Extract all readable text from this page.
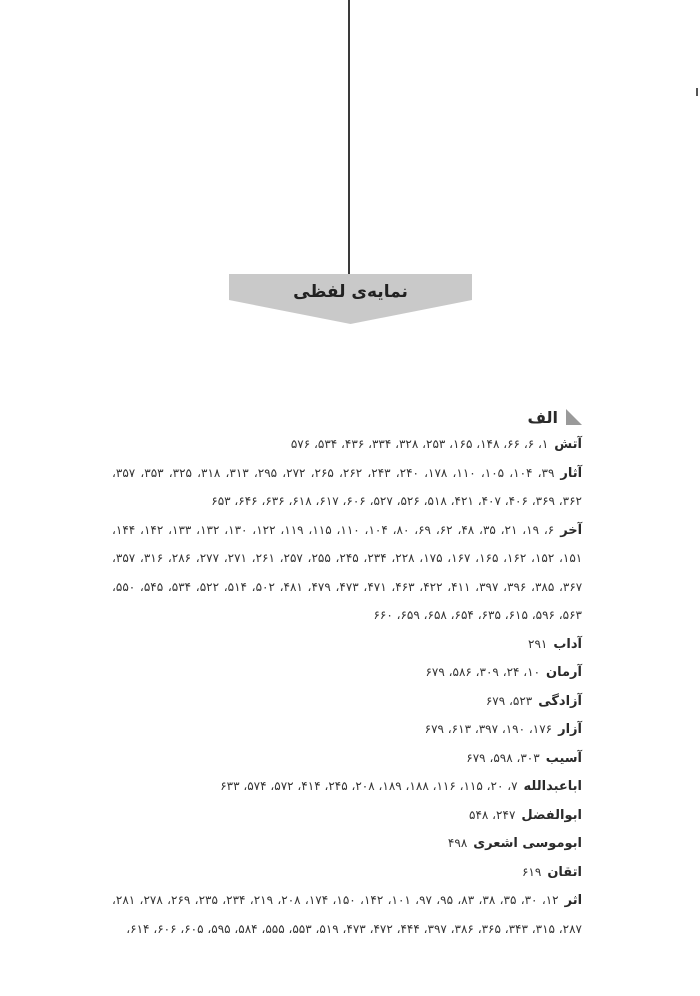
نمایه‌ی لفظی
الف
آتش۱، ۶، ۶۶، ۱۴۸، ۱۶۵، ۲۵۳، ۳۲۸، ۳۳۴، ۴۳۶، ۵۳۴، ۵۷۶
آثار۳۹، ۱۰۴، ۱۰۵، ۱۱۰، ۱۷۸، ۲۴۰، ۲۴۳، ۲۶۲، ۲۶۵، ۲۷۲، ۲۹۵، ۳۱۳، ۳۱۸، ۳۲۵، ۳۵۳، ۳۵۷،
۳۶۲، ۳۶۹، ۴۰۶، ۴۰۷، ۴۲۱، ۵۱۸، ۵۲۶، ۵۲۷، ۶۰۶، ۶۱۷، ۶۱۸، ۶۳۶، ۶۴۶، ۶۵۳
آخر۶، ۱۹، ۲۱، ۳۵، ۴۸، ۶۲، ۶۹، ۸۰، ۱۰۴، ۱۱۰، ۱۱۵، ۱۱۹، ۱۲۲، ۱۳۰، ۱۳۲، ۱۳۳، ۱۴۲، ۱۴۴،
۱۵۱، ۱۵۲، ۱۶۲، ۱۶۵، ۱۶۷، ۱۷۵، ۲۲۸، ۲۳۴، ۲۴۵، ۲۵۵، ۲۵۷، ۲۶۱، ۲۷۱، ۲۷۷، ۲۸۶، ۳۱۶، ۳۵۷،
۳۶۷، ۳۸۵، ۳۹۶، ۳۹۷، ۴۱۱، ۴۲۲، ۴۶۳، ۴۷۱، ۴۷۳، ۴۷۹، ۴۸۱، ۵۰۲، ۵۱۴، ۵۲۲، ۵۳۴، ۵۴۵، ۵۵۰،
۵۶۳، ۵۹۶، ۶۱۵، ۶۳۵، ۶۵۴، ۶۵۸، ۶۵۹، ۶۶۰
آداب۲۹۱
آرمان۱۰، ۲۴، ۳۰۹، ۵۸۶، ۶۷۹
آزادگی۵۲۳، ۶۷۹
آزار۱۷۶، ۱۹۰، ۳۹۷، ۶۱۳، ۶۷۹
آسیب۳۰۳، ۵۹۸، ۶۷۹
اباعبدالله۷، ۲۰، ۱۱۵، ۱۱۶، ۱۸۸، ۱۸۹، ۲۰۸، ۲۴۵، ۴۱۴، ۵۷۲، ۵۷۴، ۶۳۳
ابوالفضل۲۴۷، ۵۴۸
ابوموسی اشعری۴۹۸
اتقان۶۱۹
اثر۱۲، ۳۰، ۳۵، ۳۸، ۸۳، ۹۵، ۹۷، ۱۰۱، ۱۴۲، ۱۵۰، ۱۷۴، ۲۰۸، ۲۱۹، ۲۳۴، ۲۳۵، ۲۶۹، ۲۷۸، ۲۸۱،
۲۸۷، ۳۱۵، ۳۴۳، ۳۶۵، ۳۸۶، ۳۹۷، ۴۴۴، ۴۷۲، ۴۷۳، ۵۱۹، ۵۵۳، ۵۵۵، ۵۸۴، ۵۹۵، ۶۰۵، ۶۰۶، ۶۱۴،
